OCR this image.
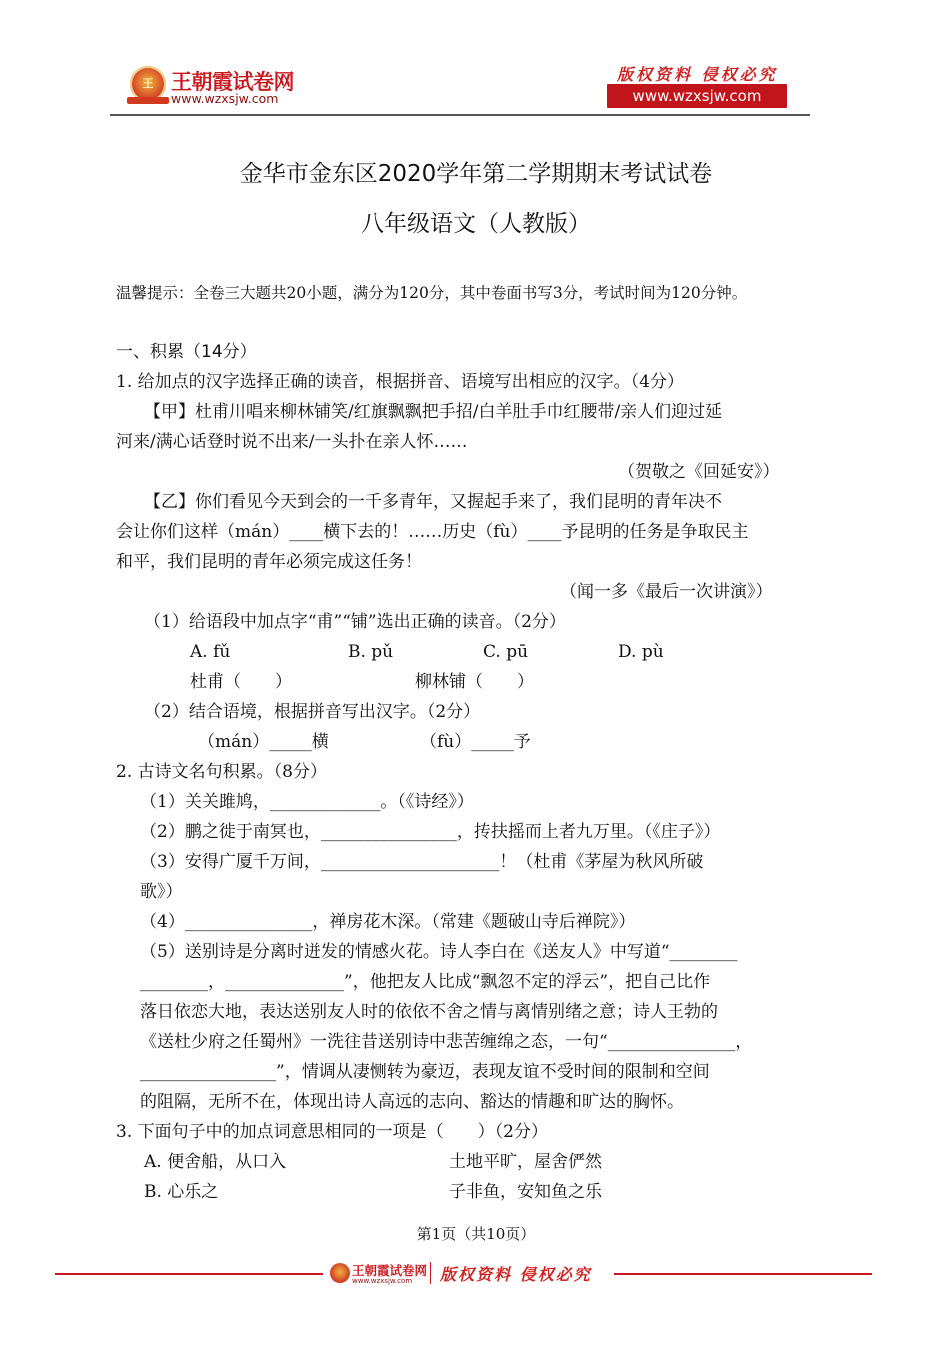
王 王朝霞试卷网
www.wzxsjw.com
版权资料 侵权必究
www.wzxsjw.com
金华市金东区2020学年第二学期期末考试试卷
八年级语文（人教版）
温馨提示：全卷三大题共20小题，满分为120分，其中卷面书写3分，考试时间为120分钟。
一、积累（14分）
1. 给加点的汉字选择正确的读音，根据拼音、语境写出相应的汉字。（4分）
【甲】杜甫川唱来柳林铺笑/红旗飘飘把手招/白羊肚手巾红腰带/亲人们迎过延
河来/满心话登时说不出来/一头扑在亲人怀……
（贺敬之《回延安》）
【乙】你们看见今天到会的一千多青年，又握起手来了，我们昆明的青年决不
会让你们这样（mán）____横下去的！……历史（fù）____予昆明的任务是争取民主
和平，我们昆明的青年必须完成这任务！
（闻一多《最后一次讲演》）
（1）给语段中加点字“甫”“铺”选出正确的读音。（2分）
A. fǔ	B. pǔ	C. pū	D. pù
杜甫（　　）	柳林铺（　　）
（2）结合语境，根据拼音写出汉字。（2分）
（mán）_____横	（fù）_____予
2. 古诗文名句积累。（8分）
（1）关关雎鸠，_____________。（《诗经》）
（2）鹏之徙于南冥也，________________，抟扶摇而上者九万里。（《庄子》）
（3）安得广厦千万间，_____________________！（杜甫《茅屋为秋风所破
歌》）
（4）_______________，禅房花木深。（常建《题破山寺后禅院》）
（5）送别诗是分离时迸发的情感火花。诗人李白在《送友人》中写道“________
________，______________”，他把友人比成“飘忽不定的浮云”，把自己比作
落日依恋大地，表达送别友人时的依依不舍之情与离情别绪之意；诗人王勃的
《送杜少府之任蜀州》一洗往昔送别诗中悲苦缠绵之态，一句“_______________，
________________”，情调从凄恻转为豪迈，表现友谊不受时间的限制和空间
的阻隔，无所不在，体现出诗人高远的志向、豁达的情趣和旷达的胸怀。
3. 下面句子中的加点词意思相同的一项是（　　）（2分）
A. 便舍船，从口入	土地平旷，屋舍俨然
B. 心乐之	子非鱼，安知鱼之乐
第1页（共10页）
王朝霞试卷网
www.wzxsjw.com 版权资料 侵权必究
